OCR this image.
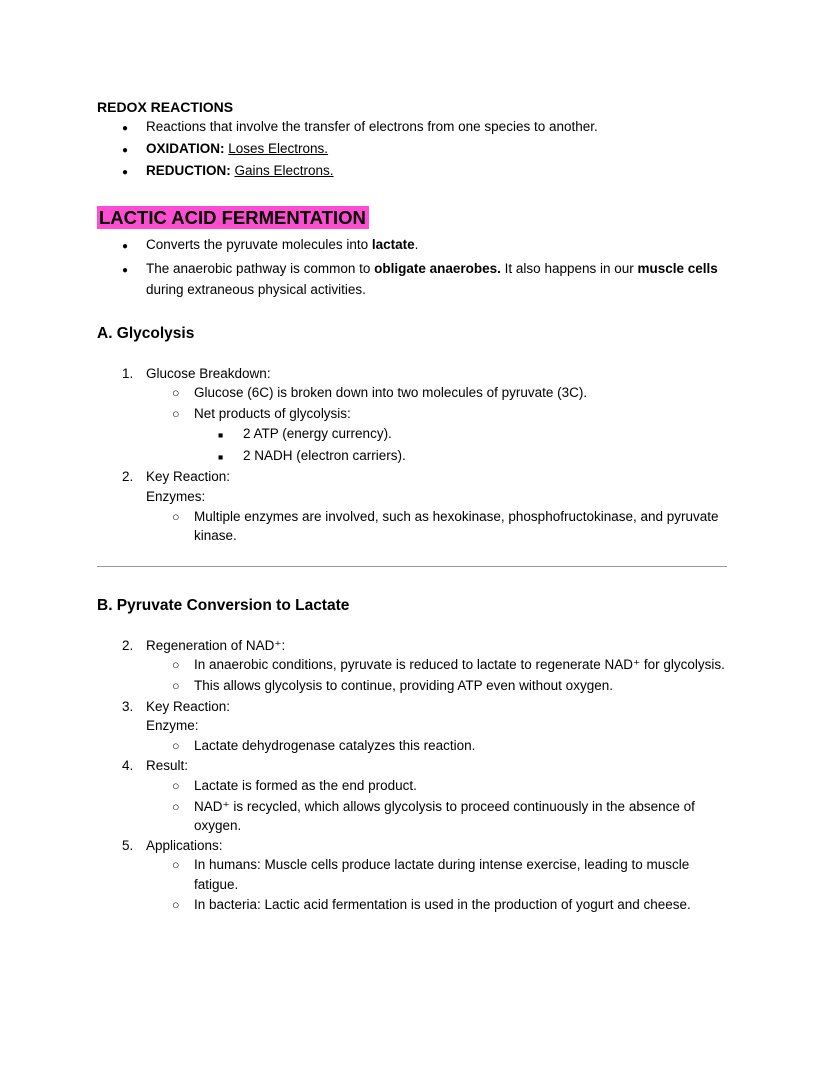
REDOX REACTIONS
●	Reactions that involve the transfer of electrons from one species to another.
●	OXIDATION: Loses Electrons.
●	REDUCTION: Gains Electrons.
LACTIC ACID FERMENTATION
●	Converts the pyruvate molecules into lactate.
●	The anaerobic pathway is common to obligate anaerobes. It also happens in our muscle cells during extraneous physical activities.
A. Glycolysis
1. Glucose Breakdown:
○	Glucose (6C) is broken down into two molecules of pyruvate (3C).
○	Net products of glycolysis:
■	2 ATP (energy currency).
■	2 NADH (electron carriers).
2. Key Reaction:
Enzymes:
○	Multiple enzymes are involved, such as hexokinase, phosphofructokinase, and pyruvate kinase.
B. Pyruvate Conversion to Lactate
2. Regeneration of NAD⁺:
○	In anaerobic conditions, pyruvate is reduced to lactate to regenerate NAD⁺ for glycolysis.
○	This allows glycolysis to continue, providing ATP even without oxygen.
3. Key Reaction:
Enzyme:
○	Lactate dehydrogenase catalyzes this reaction.
4. Result:
○	Lactate is formed as the end product.
○	NAD⁺ is recycled, which allows glycolysis to proceed continuously in the absence of oxygen.
5. Applications:
○	In humans: Muscle cells produce lactate during intense exercise, leading to muscle fatigue.
○	In bacteria: Lactic acid fermentation is used in the production of yogurt and cheese.
